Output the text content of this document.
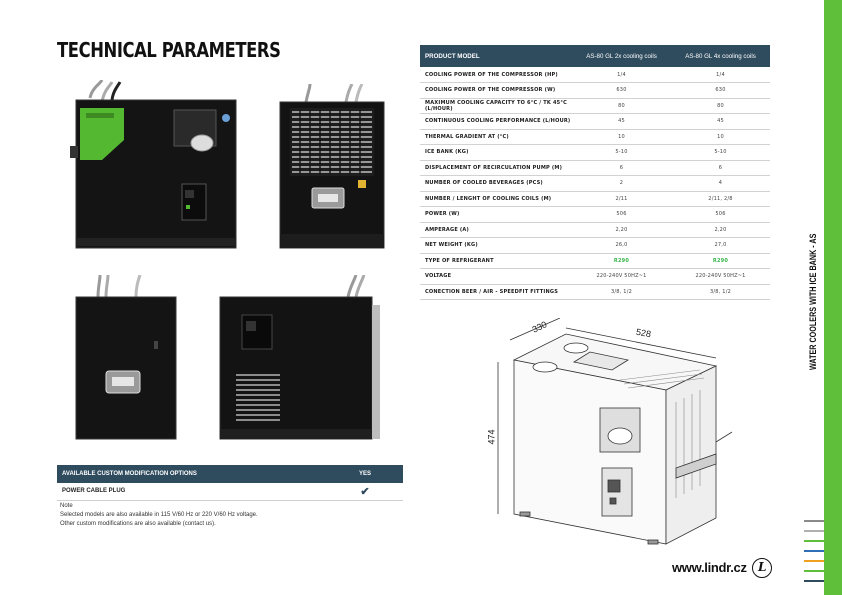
TECHNICAL PARAMETERS	PRODUCT MODEL	AS-80 GL 2x cooling coils	AS-80 GL 4x cooling coils
COOLING POWER OF THE COMPRESSOR (HP)	1/4	1/4
COOLING POWER OF THE COMPRESSOR (W)	630	630
MAXIMUM COOLING CAPACITY TO 6°C / TK 45°C (L/HOUR)	80	80
CONTINUOUS COOLING PERFORMANCE (L/HOUR)	45	45
THERMAL GRADIENT AT (°C)	10	10
ICE BANK (KG)	5-10	5-10
DISPLACEMENT OF RECIRCULATION PUMP (M)	6	6
NUMBER OF COOLED BEVERAGES (PCS)	2	4
NUMBER / LENGHT OF COOLING COILS (M)	2/11	2/11, 2/8
POWER (W)	506	506
AMPERAGE (A)	2,20	2,20
NET WEIGHT (KG)	26,0	27,0
TYPE OF REFRIGERANT	R290	R290
VOLTAGE	220-240V 50HZ~1	220-240V 50HZ~1
CONECTION BEER / AIR - SPEEDFIT FITTINGS	3/8, 1/2	3/8, 1/2
330	528
474
AVAILABLE CUSTOM MODIFICATION OPTIONS	YES
POWER CABLE PLUG	✔
Note
Selected models are also available in 115 V/60 Hz or 220 V/60 Hz voltage.
Other custom modifications are also available (contact us).
WATER COOLERS WITH ICE BANK - AS
www.lindr.cz L
